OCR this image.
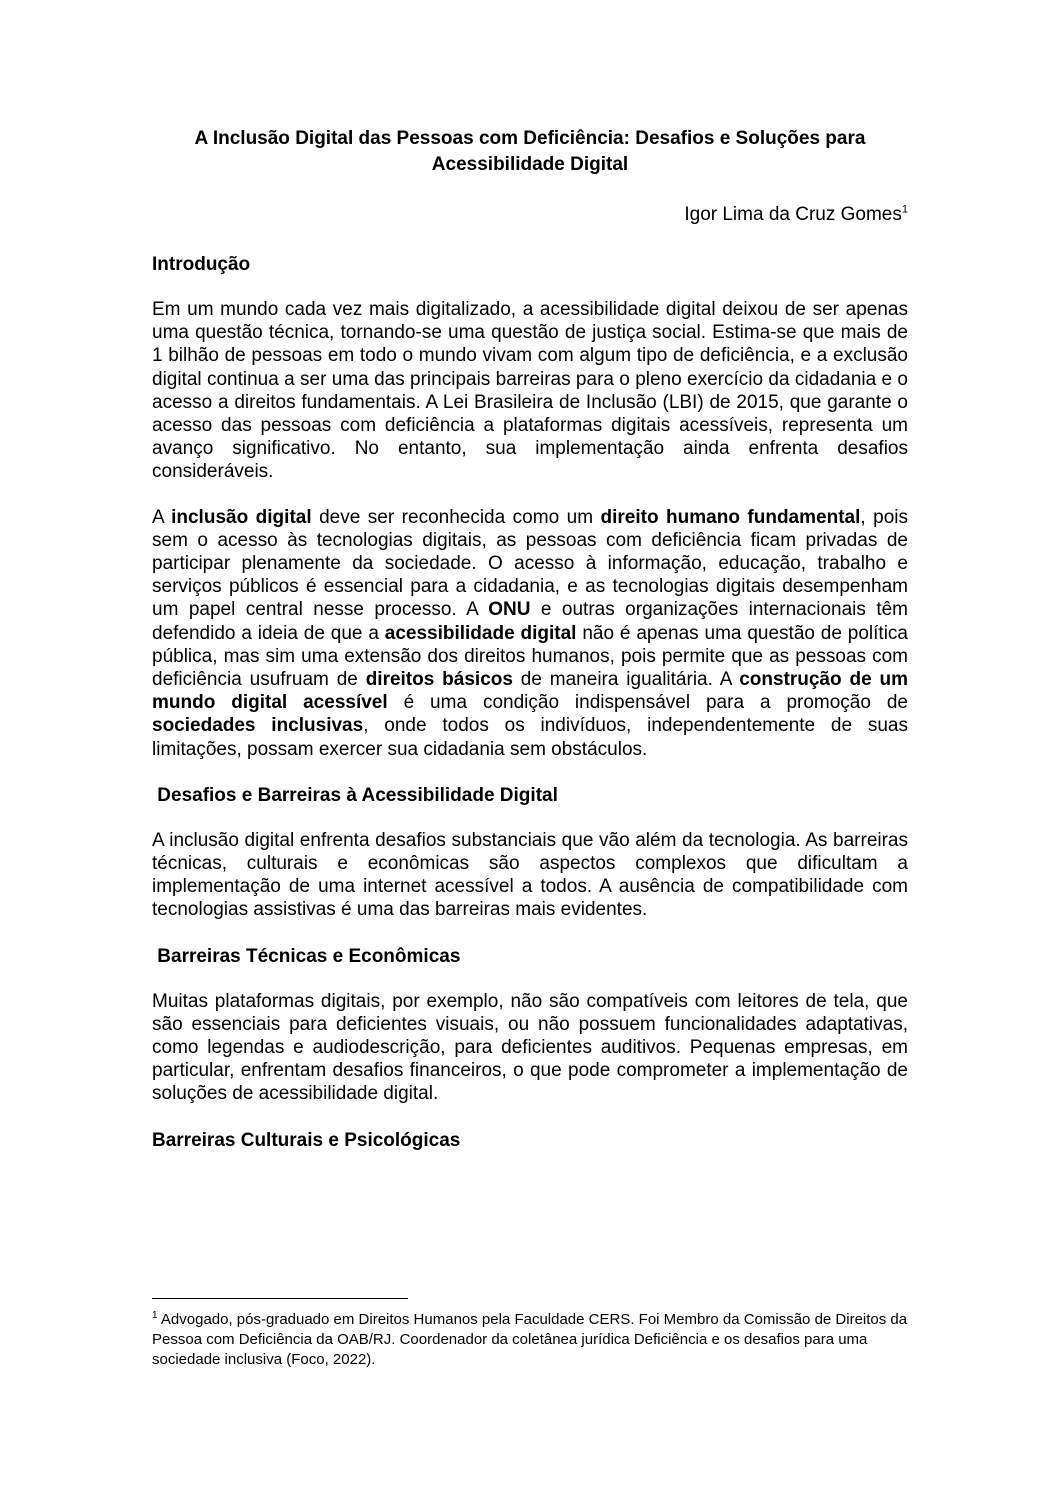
A Inclusão Digital das Pessoas com Deficiência: Desafios e Soluções para Acessibilidade Digital

Igor Lima da Cruz Gomes$^1$

Introdução

Em um mundo cada vez mais digitalizado, a acessibilidade digital deixou de ser apenas uma questão técnica, tornando-se uma questão de justiça social. Estima-se que mais de 1 bilhão de pessoas em todo o mundo vivam com algum tipo de deficiência, e a exclusão digital continua a ser uma das principais barreiras para o pleno exercício da cidadania e o acesso a direitos fundamentais. A Lei Brasileira de Inclusão (LBI) de 2015, que garante o acesso das pessoas com deficiência a plataformas digitais acessíveis, representa um avanço significativo. No entanto, sua implementação ainda enfrenta desafios consideráveis.

A inclusão digital deve ser reconhecida como um direito humano fundamental, pois sem o acesso às tecnologias digitais, as pessoas com deficiência ficam privadas de participar plenamente da sociedade. O acesso à informação, educação, trabalho e serviços públicos é essencial para a cidadania, e as tecnologias digitais desempenham um papel central nesse processo. A ONU e outras organizações internacionais têm defendido a ideia de que a acessibilidade digital não é apenas uma questão de política pública, mas sim uma extensão dos direitos humanos, pois permite que as pessoas com deficiência usufruam de direitos básicos de maneira igualitária. A construção de um mundo digital acessível é uma condição indispensável para a promoção de sociedades inclusivas, onde todos os indivíduos, independentemente de suas limitações, possam exercer sua cidadania sem obstáculos.

Desafios e Barreiras à Acessibilidade Digital

A inclusão digital enfrenta desafios substanciais que vão além da tecnologia. As barreiras técnicas, culturais e econômicas são aspectos complexos que dificultam a implementação de uma internet acessível a todos. A ausência de compatibilidade com tecnologias assistivas é uma das barreiras mais evidentes.

Barreiras Técnicas e Econômicas

Muitas plataformas digitais, por exemplo, não são compatíveis com leitores de tela, que são essenciais para deficientes visuais, ou não possuem funcionalidades adaptativas, como legendas e audiodescrição, para deficientes auditivos. Pequenas empresas, em particular, enfrentam desafios financeiros, o que pode comprometer a implementação de soluções de acessibilidade digital.

Barreiras Culturais e Psicológicas

$^1$ Advogado, pós-graduado em Direitos Humanos pela Faculdade CERS. Foi Membro da Comissão de Direitos da Pessoa com Deficiência da OAB/RJ. Coordenador da coletânea jurídica Deficiência e os desafios para uma sociedade inclusiva (Foco, 2022).
